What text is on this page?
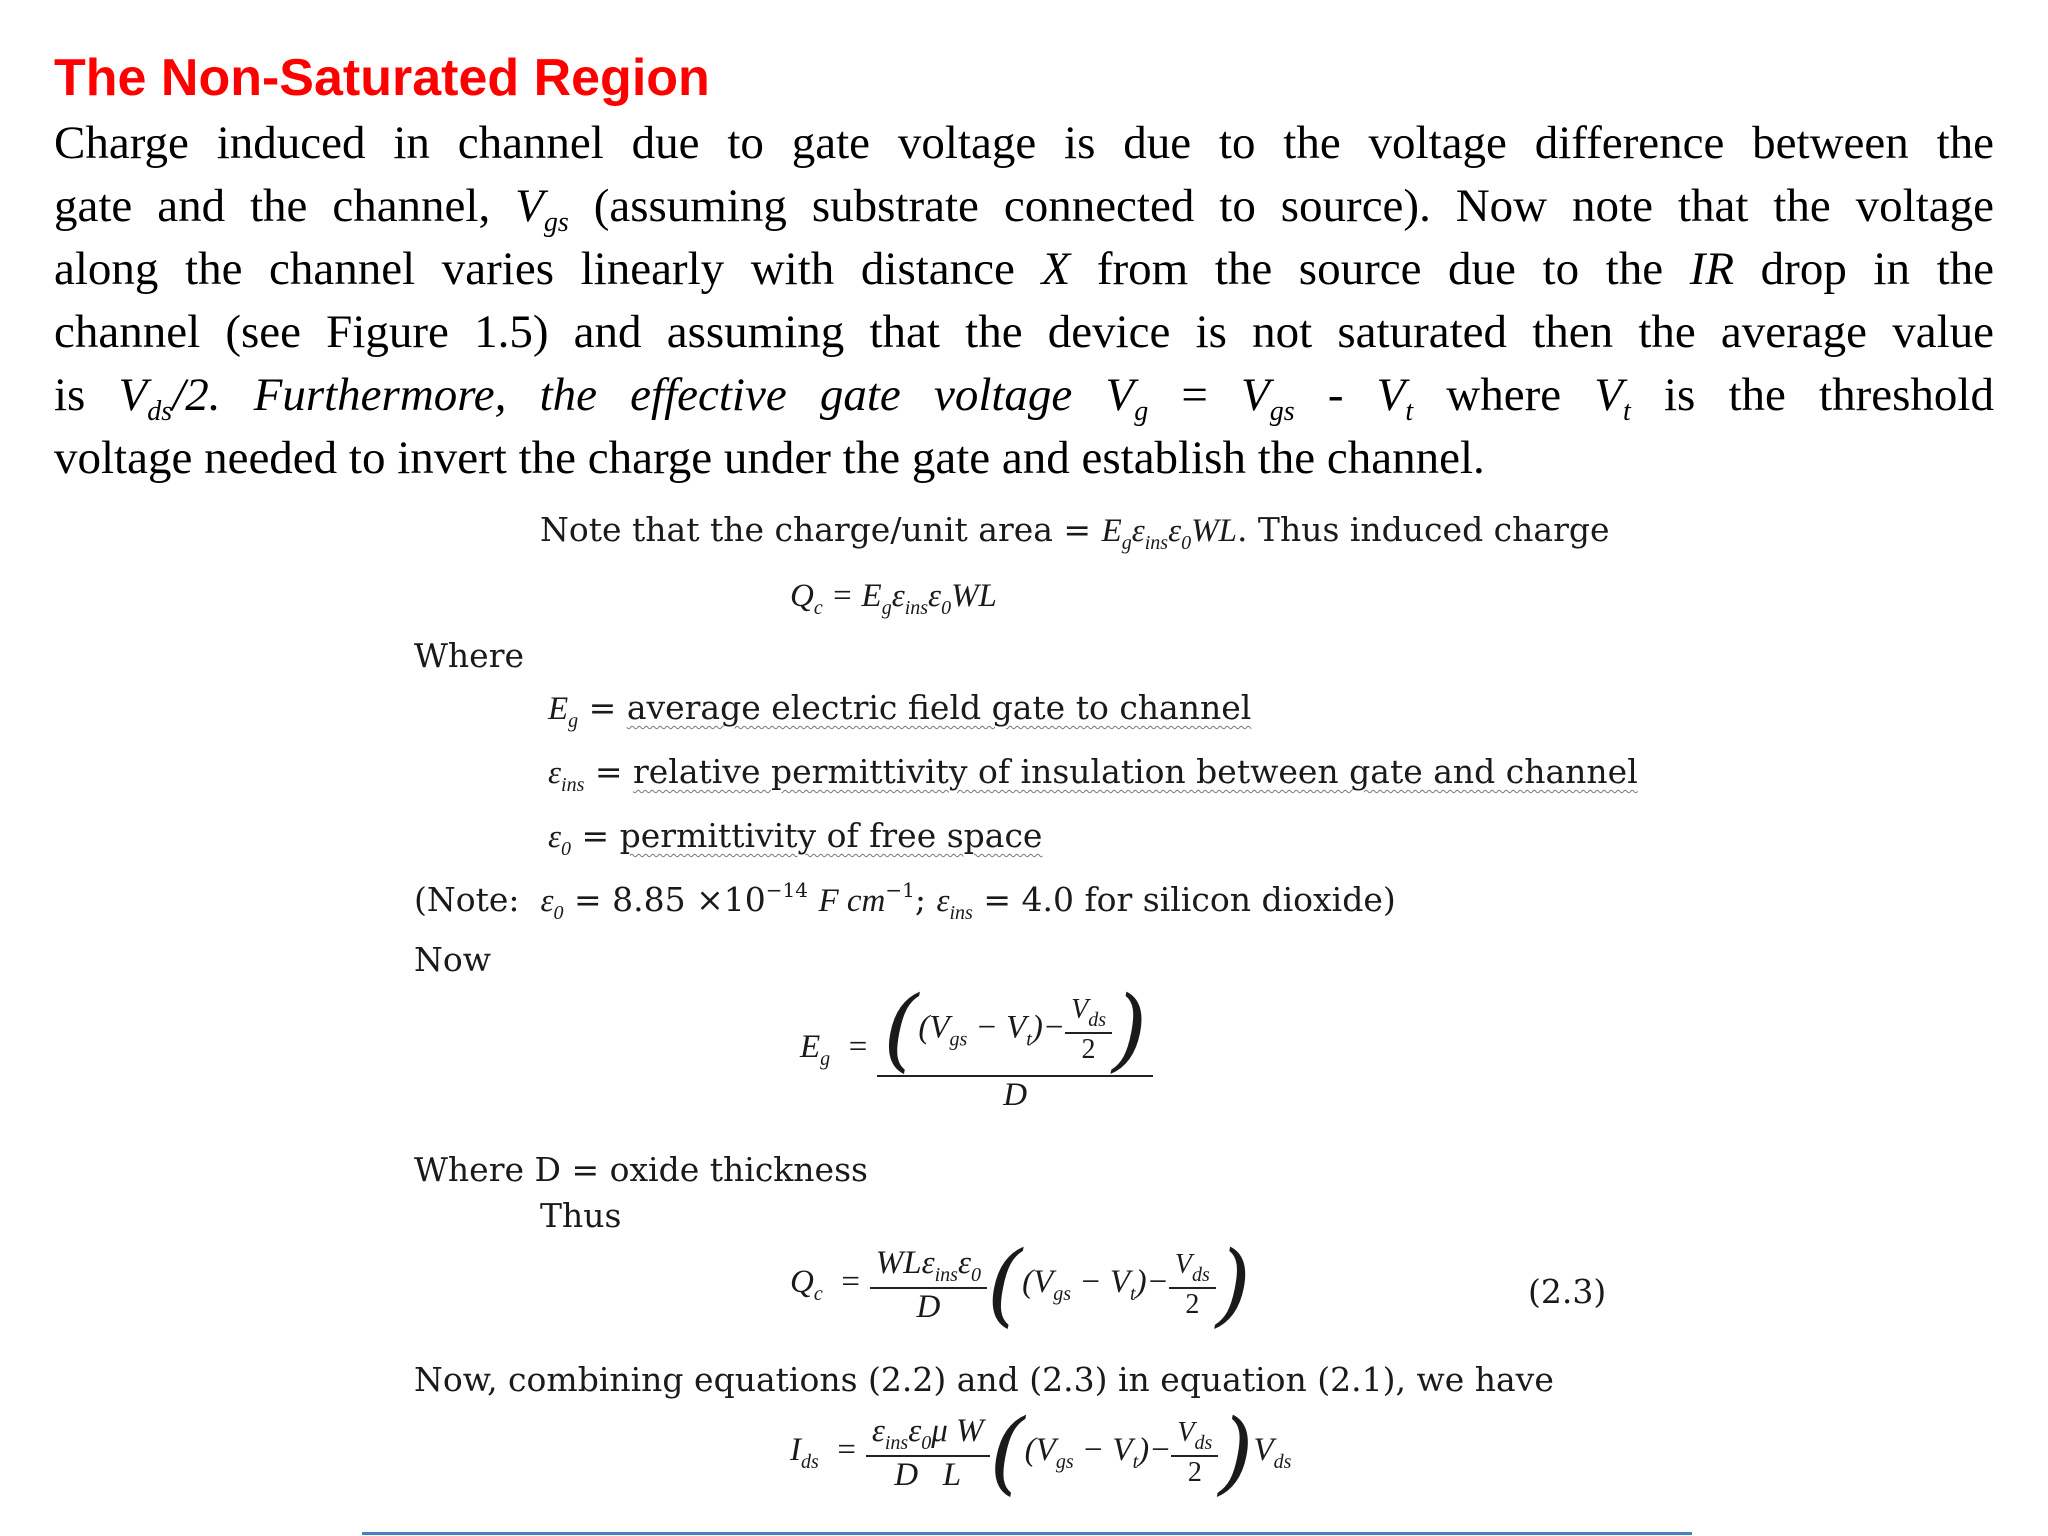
The Non-Saturated Region
Charge induced in channel due to gate voltage is due to the voltage difference between the
gate and the channel, $V_{gs}$ (assuming substrate connected to source). Now note that the voltage
along the channel varies linearly with distance X from the source due to the IR drop in the
channel (see Figure 1.5) and assuming that the device is not saturated then the average value
is $V_{ds}/2$. Furthermore, the effective gate voltage $V_g = V_{gs} - V_t$ where $V_t$ is the threshold
voltage needed to invert the charge under the gate and establish the channel.
Note that the charge/unit area = $E_g\varepsilon_{ins}\varepsilon_0WL$. Thus induced charge
$Q_c = E_g\varepsilon_{ins}\varepsilon_0WL$
Where
$E_g$ = average electric field gate to channel
$\varepsilon_{ins}$ = relative permittivity of insulation between gate and channel
$\varepsilon_0$ = permittivity of free space
(Note: $\varepsilon_0 = 8.85 \times 10^{-14}$ F $cm^{-1}$; $\varepsilon_{ins} = 4.0$ for silicon dioxide)
Now
$E_g = \frac{((V_{gs} - V_t)- \frac{V_{ds}}{2} )}{D}$
Where D = oxide thickness
Thus
$Q_c = \frac{WL\varepsilon_{ins}\varepsilon_0}{D} ((V_{gs} - V_t)- \frac{V_{ds}}{2}$ )	(2.3)
Now, combining equations (2.2) and (2.3) in equation (2.1), we have
$I_{ds} = \frac{\varepsilon_{ins}\varepsilon_0\mu W}{\text{D L}} ((V_{gs} - V_t)- \frac{V_{ds}}{2} )V_{ds}$
